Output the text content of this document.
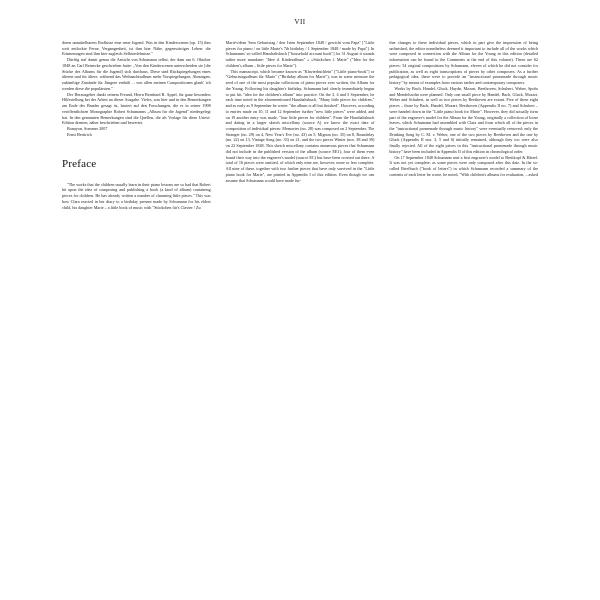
VII

deren unmittelbarem Einflusse eine neue Jugend. Was in den Kinderscenen (op. 15) ihm weit entlockte Ferne, Vergangenheit, ist ihm hier Nähe, gegenwärtiges Leben: die Erinnerungen sind ihm hier zugleich Selbsterlebnisse."

Dürftig traf damit genau die Ansicht von Schumann selbst, der dam am 6. Oktober 1848 an Carl Reinecke geschrieben hatte: „Von den Kinderscenen unterscheiden sie [die Stücke des Albums für die Jugend] sich durchaus. Diese sind Rückspiegelungen eines älteren und für ältere, während das Weihnachtsalbum mehr Vorspiegelungen, Ahnungen, zukünftige Zustände für Jüngere enthält ... von allen meinen Compositionen glaub' ich werden diese die populärsten."

Der Herausgeber dankt seinem Freund, Herrn Bernhard R. Appel, für ganz besonders Hilfestellung bei der Arbeit an dieser Ausgabe. Vieles, was hier und in den Bemerkungen am Ende des Bandes gesagt ist, basiert auf den Forschungen, die er in seiner 1998 veröffentlichten Monographie Robert Schumanns „Album für die Jugend" niedergelegt hat. In den genannten Bemerkungen sind die Quellen, die als Vorlage für diese Urtext-Edition dienten, näher beschrieben und bewertet.

Bonayon, Sommer 2007
Ernst Herttrich

Preface

"The works that the children usually learn in their piano lessons are so bad that Robert hit upon the idea of composing and publishing a book (a kind of album) containing pieces for children. He has already written a number of charming little pieces." This was how Clara reacted in her diary to a birthday present made by Schumann for his eldest child, his daughter Marie – a little book of music with "Stückchen für's Clavier / Zu

Marie's/dem 'Sem Geburtstag / den 1sten September 1848 / gewicht vom Papa" ["Little pieces for piano / on little Marie's 7th birthday / 1 September 1848 / made by Papa"]. In Schumanns' so-called Haushaltsbuch ["household account book"] for 31 August it sounds rather more mundane: "Idee d. Kinderalbum" « »Stückchen f. Marie" ("Idea for the children's album – little pieces for Marie").

This manuscript, which became known as "Klavierbüchlein" ["Little piano-book"] or "Geburtstagsalbum für Marie" ("Birthday album for Marie"), was in some measure the seed of one of the most popular collections of piano pieces ever written, the Album for the Young. Following his daughter's birthday, Schumann had clearly immediately begun to put his "idea for the children's album" into practice. On the 3, 4 and 5 September, he each time noted in the aforementioned Haushaltsbuch, "Many little pieces for children," and as early as 9 September he wrote: "the album is all but finished". However, according to entries made on 10, 11 and 12 September further "new little pieces" were added, and on 19 another entry was made, "four little pieces for children". From the Haushaltsbuch and dating in a larger sketch miscellany (source A) we know the exact date of composition of individual pieces: Memories (no. 28) was composed on 2 September, The Stranger (no. 29) on 4, New Year's Eve (no. 43) on 5, Mignon (no. 35) on 8, Roundelay (no. 22) on 13, Vintage Song (no. 33) on 21, and the two pieces Winter (nos. 38 and 39) on 22 September 1848. This sketch miscellany contains numerous pieces that Schumann did not include in the published version of the album (source EE1); four of them even found their way into the engraver's model (source EC) but have been crossed out there. A total of 16 pieces were omitted, of which only nine are, however, more or less complete. All nine of these, together with two further pieces that have only survived in the "Little piano book for Marie", are printed in Appendix I of this edition. Even though we can assume that Schumann would have made fur-

ther changes to these individual pieces, which in part give the impression of being unfinished, the editor nonetheless deemed it important to include all of the works which were composed in connection with the Album for the Young in this edition (detailed information can be found in the Comments at the end of this volume). These are 62 pieces: 54 original compositions by Schumann, eleven of which he did not consider for publication, as well as eight transcriptions of pieces by other composers. As a further pedagogical idea, these were to provide an "instructional promenade through music history" by means of examples from various earlier and contemporary composers.

Works by Bach, Handel, Gluck, Haydn, Mozart, Beethoven, Schubert, Weber, Spohr and Mendelssohn were planned. Only one small piece by Handel, Bach, Gluck, Mozart, Weber and Schubert, as well as two pieces by Beethoven are extant. Five of these eight pieces – those by Bach, Handel, Mozart, Beethoven (Appendix II no. 7) and Schubert – were handed down in the "Little piano book for Marie". However, they did actually form part of the engraver's model for the Album for the Young, originally a collection of loose leaves, which Schumann had assembled with Clara and from which all of the pieces in the "instructional promenade through music history" were eventually removed; only the Drinking Song by C. M. v. Weber, one of the two pieces by Beethoven and the one by Gluck (Appendix II nos. 3, 5 and 6) initially remained, although they too were also finally rejected. All of the eight pieces in this "instructional promenade through music history" have been included in Appendix II of this edition in chronological order.

On 17 September 1848 Schumann sent a first engraver's model to Breitkopf & Härtel. It was not yet complete, as some pieces were only composed after this date. In the so-called Briefbuch ("book of letters") in which Schumann recorded a summary of the contents of each letter he wrote, he noted, "With children's albums for evaluation, – asked
